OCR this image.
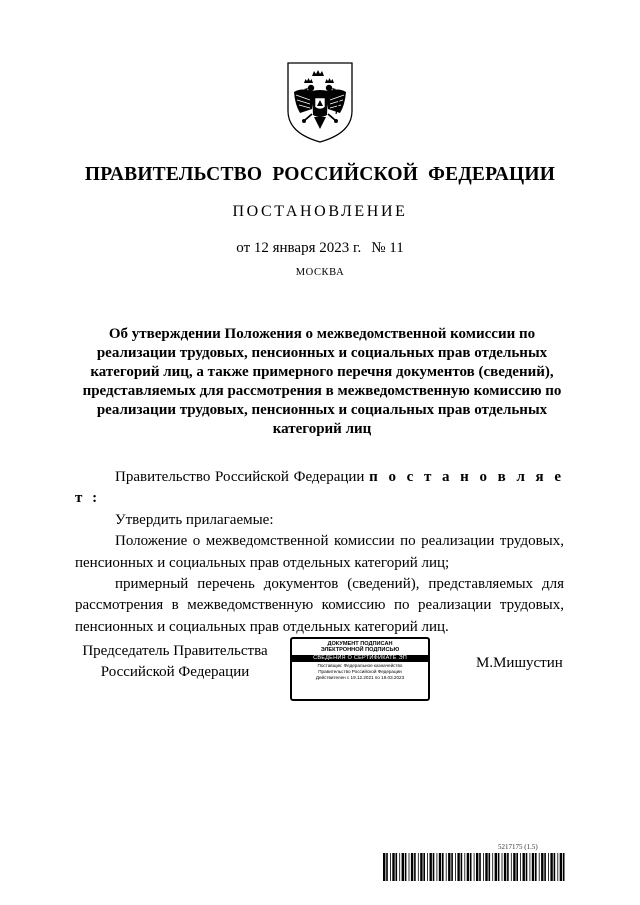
ПРАВИТЕЛЬСТВО РОССИЙСКОЙ ФЕДЕРАЦИИ
ПОСТАНОВЛЕНИЕ
от 12 января 2023 г. № 11
МОСКВА
Об утверждении Положения о межведомственной комиссии по
реализации трудовых, пенсионных и социальных прав отдельных
категорий лиц, а также примерного перечня документов (сведений),
представляемых для рассмотрения в межведомственную комиссию по
реализации трудовых, пенсионных и социальных прав отдельных
категорий лиц

Правительство Российской Федерации п о с т а н о в л я е т :

Утвердить прилагаемые:

Положение о межведомственной комиссии по реализации трудовых, пенсионных и социальных прав отдельных категорий лиц;

примерный перечень документов (сведений), представляемых для рассмотрения в межведомственную комиссию по реализации трудовых, пенсионных и социальных прав отдельных категорий лиц.

Председатель Правительства
Российской Федерации
ДОКУМЕНТ ПОДПИСАН
ЭЛЕКТРОННОЙ ПОДПИСЬЮ
СВЕДЕНИЯ О СЕРТИФИКАТЕ ЭП
Поставщик: Федеральное казначейство
Правительство Российской Федерации
Действителен с 19.12.2021 по 19.03.2023
М.Мишустин
5217175 (1.5)
